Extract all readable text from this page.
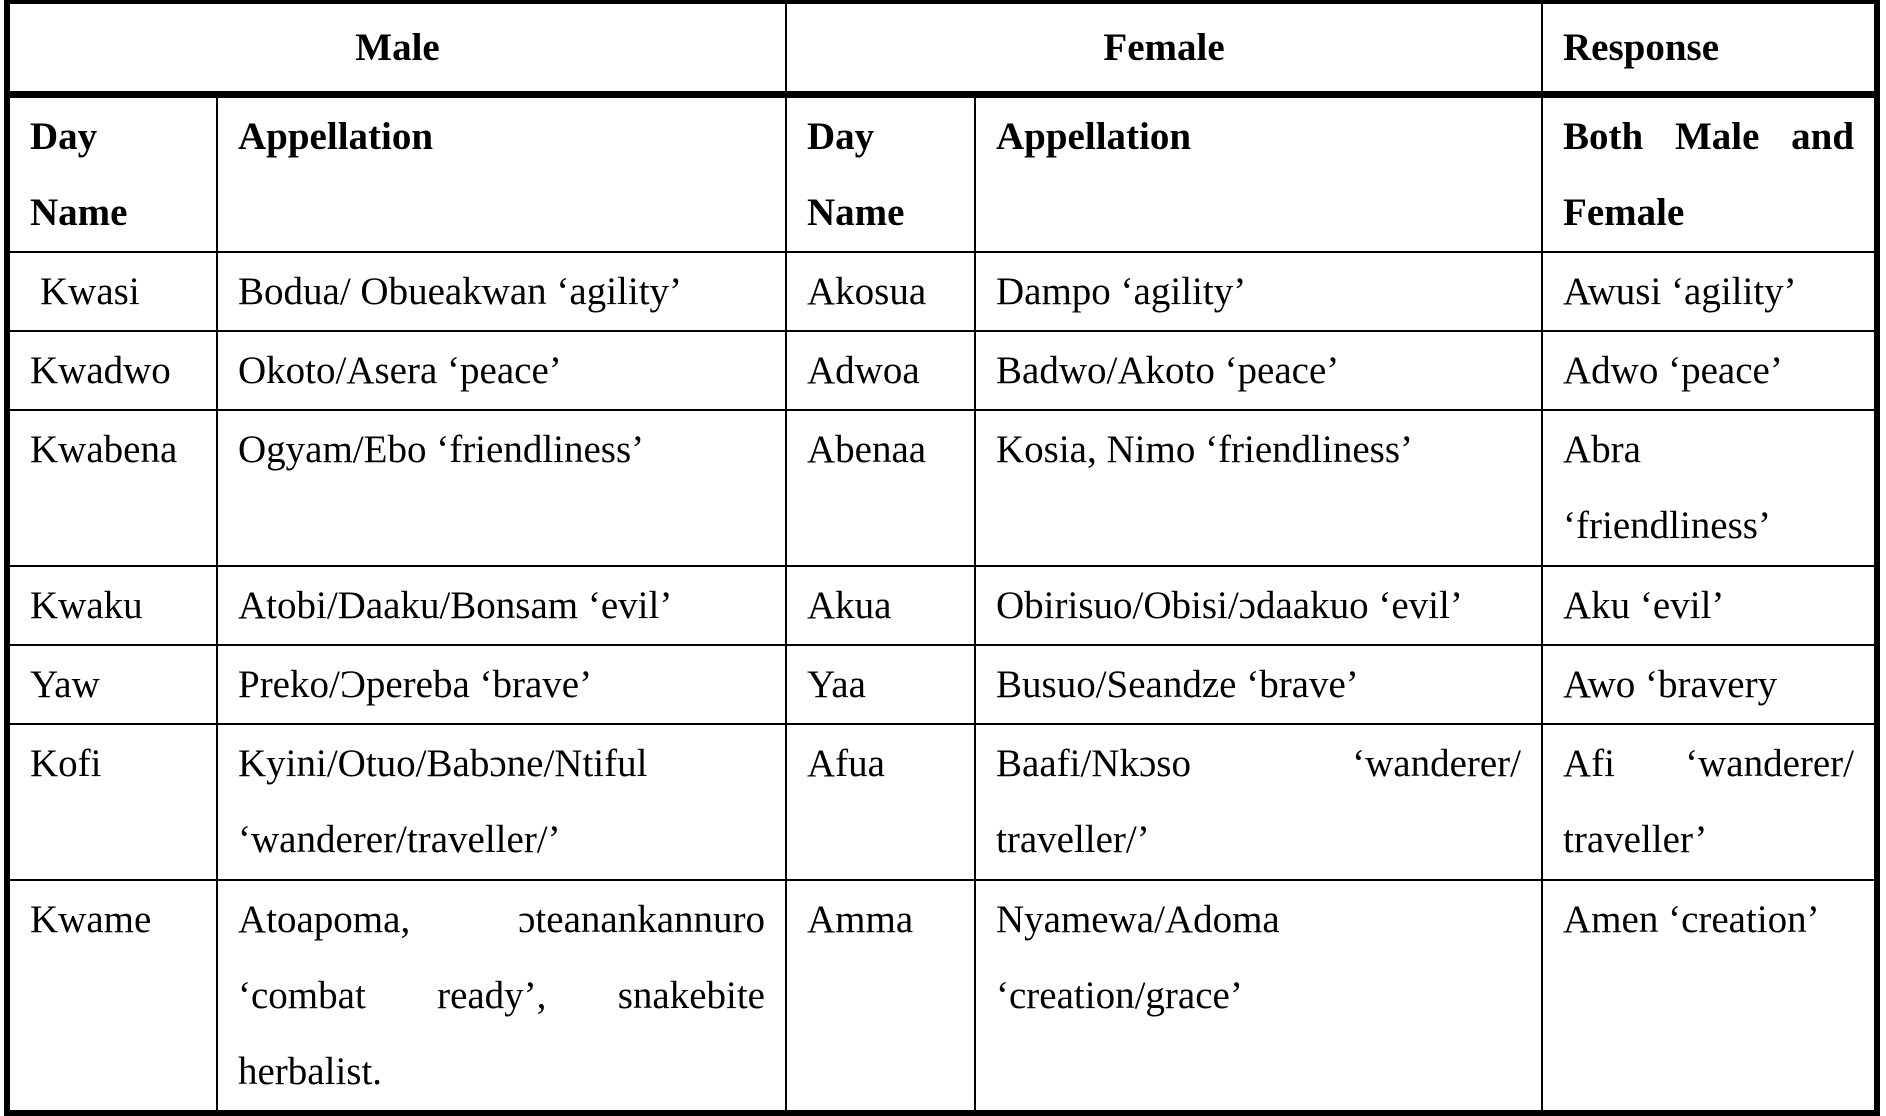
Male		Female		Response

Day Name	Appellation	Day Name	Appellation	Both Male and Female
Kwasi	Bodua/ Obueakwan ‘agility’	Akosua	Dampo ‘agility’	Awusi ‘agility’
Kwadwo	Okoto/Asera ‘peace’	Adwoa	Badwo/Akoto ‘peace’	Adwo ‘peace’
Kwabena	Ogyam/Ebo ‘friendliness’	Abenaa	Kosia, Nimo ‘friendliness’	Abra ‘friendliness’

Kwaku	Atobi/Daaku/Bonsam ‘evil’	Akua	Obirisuo/Obisi/ɔdaakuo ‘evil’	Aku ‘evil’
Yaw	Preko/Ɔpereba ‘brave’	Yaa	Busuo/Seandze ‘brave’	Awo ‘bravery
Kofi	Kyini/Otuo/Babɔne/Ntiful ‘wanderer/traveller/’	Afua	Baafi/Nkɔso ‘wanderer/ traveller/’	Afi ‘wanderer/ traveller’
Kwame	Atoapoma, ɔteanankannuro ‘combat ready’, snakebite herbalist.	Amma	Nyamewa/Adoma ‘creation/grace’	Amen ‘creation’
